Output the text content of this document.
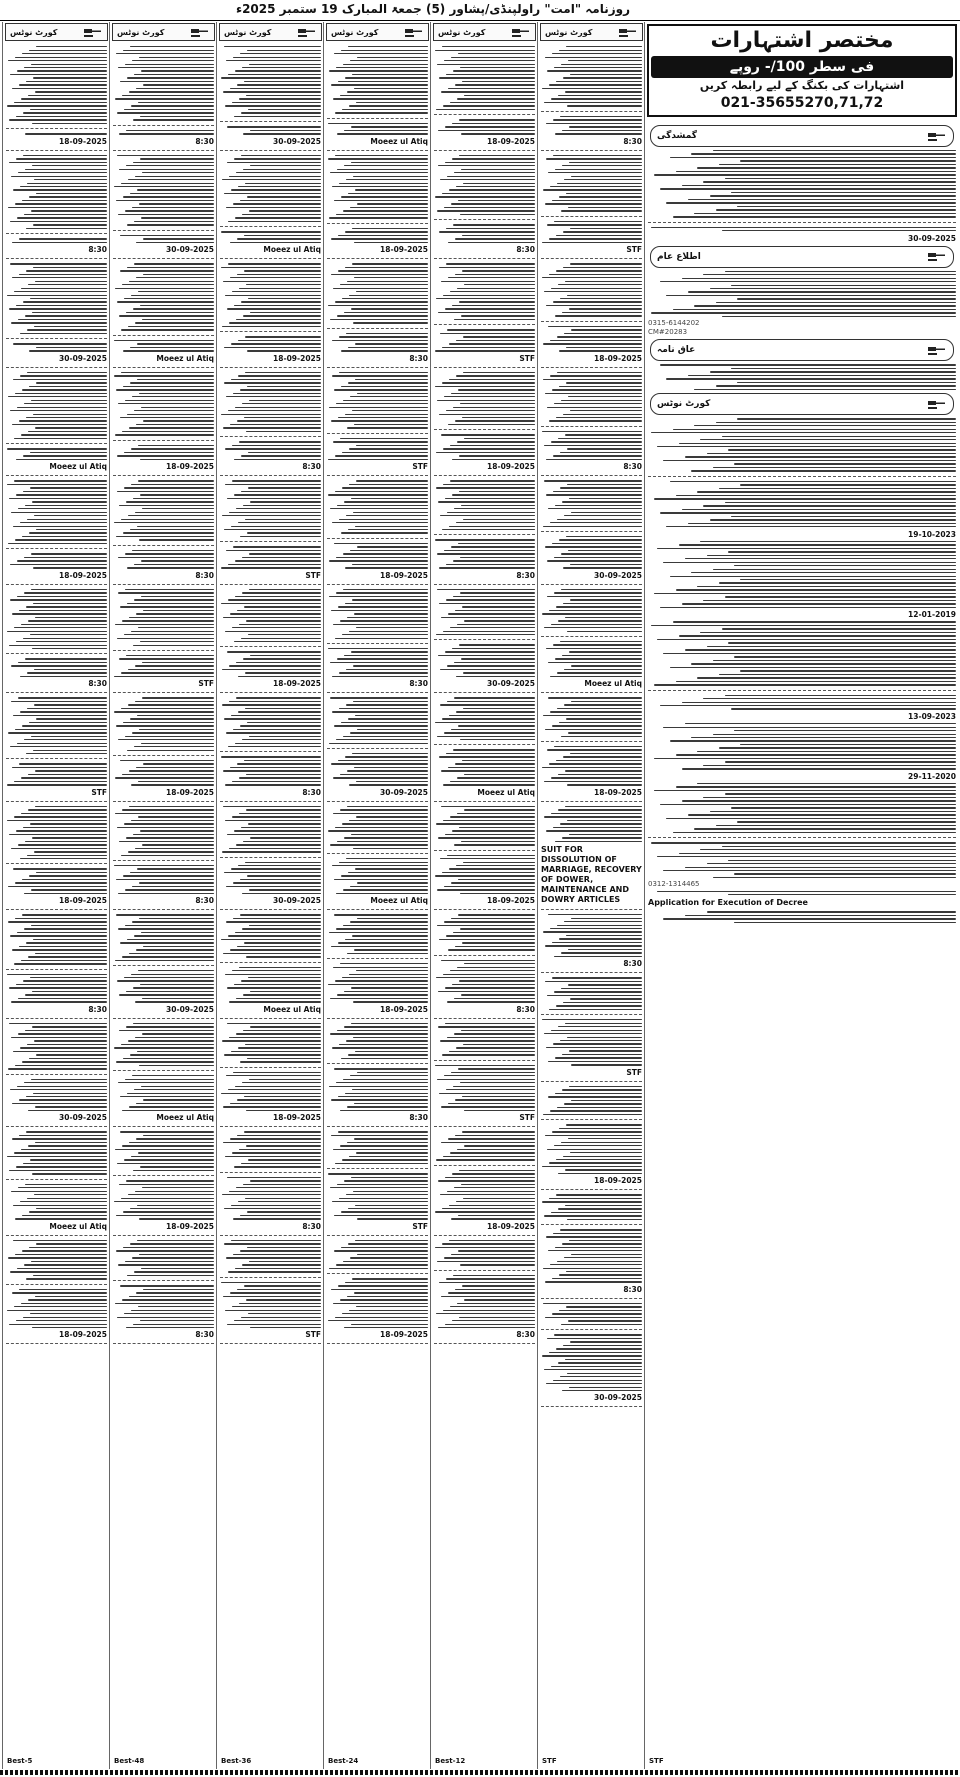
روزنامہ "امت" راولپنڈی/پشاور (5) جمعۃ المبارک 19 ستمبر 2025ء
کورٹ نوٹس
18-09-2025
8:30
30-09-2025
Moeez ul Atiq
18-09-2025
8:30
STF
18-09-2025
8:30
30-09-2025
Moeez ul Atiq
18-09-2025
Best-5
کورٹ نوٹس
8:30
30-09-2025
Moeez ul Atiq
18-09-2025
8:30
STF
18-09-2025
8:30
30-09-2025
Moeez ul Atiq
18-09-2025
8:30
Best-48
کورٹ نوٹس
30-09-2025
Moeez ul Atiq
18-09-2025
8:30
STF
18-09-2025
8:30
30-09-2025
Moeez ul Atiq
18-09-2025
8:30
STF
Best-36
کورٹ نوٹس
Moeez ul Atiq
18-09-2025
8:30
STF
18-09-2025
8:30
30-09-2025
Moeez ul Atiq
18-09-2025
8:30
STF
18-09-2025
Best-24
کورٹ نوٹس
18-09-2025
8:30
STF
18-09-2025
8:30
30-09-2025
Moeez ul Atiq
18-09-2025
8:30
STF
18-09-2025
8:30
Best-12
کورٹ نوٹس
8:30
STF
18-09-2025
8:30
30-09-2025
Moeez ul Atiq
18-09-2025
SUIT FOR DISSOLUTION OF MARRIAGE, RECOVERY OF DOWER, MAINTENANCE AND DOWRY ARTICLES
8:30
STF
18-09-2025
8:30
30-09-2025
STF
مختصر اشتہارات
فی سطر 100/- روپے
اشتہارات کی بکنگ کے لیے رابطہ کریں
021-35655270,71,72
گمشدگی
30-09-2025
اطلاع عام
0315-6144202
CM#20283
عاق نامہ
کورٹ نوٹس
19-10-2023
12-01-2019
13-09-2023
29-11-2020
0312-1314465
Application for Execution of Decree
STF
